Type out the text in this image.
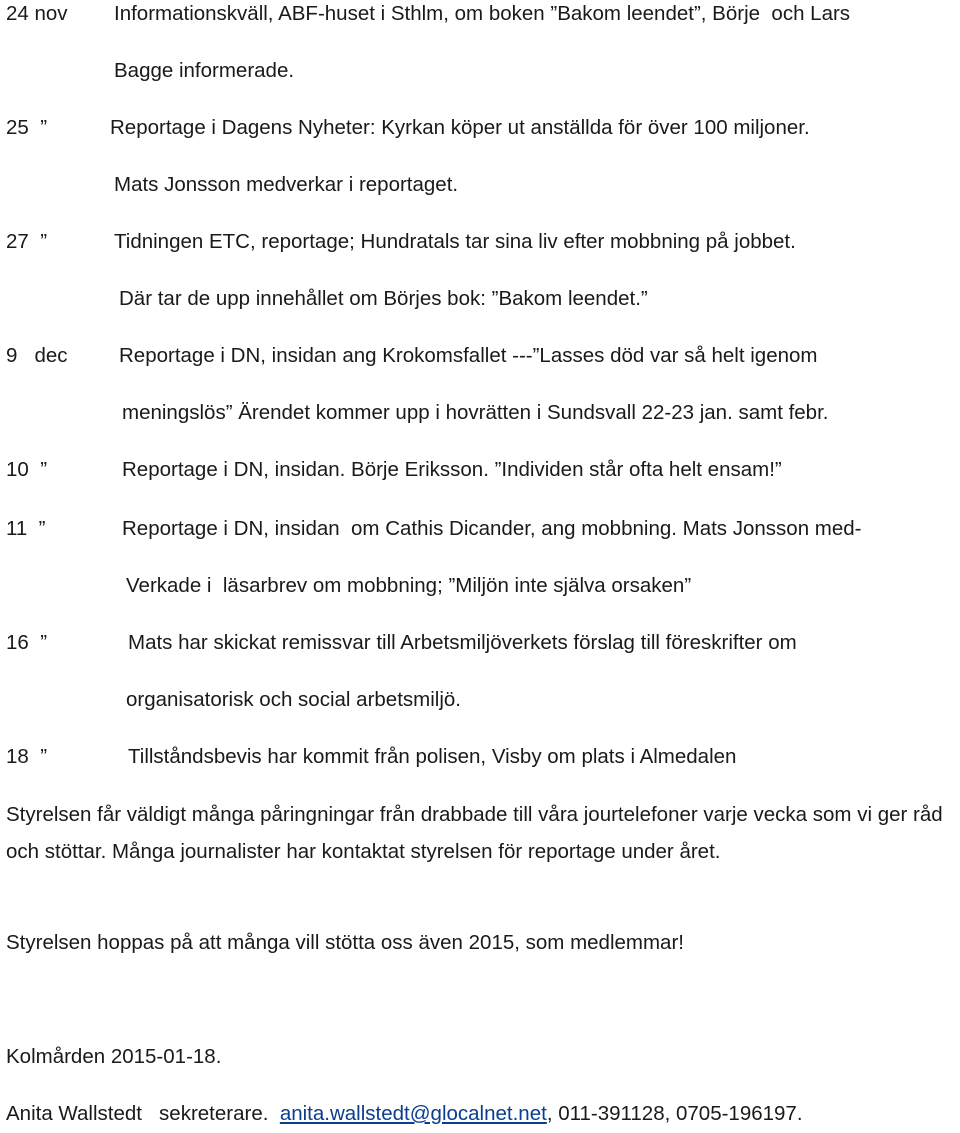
24 nov Informationskväll, ABF-huset i Sthlm, om boken ”Bakom leendet”, Börje  och Lars
Bagge informerade.
25  ”	Reportage i Dagens Nyheter: Kyrkan köper ut anställda för över 100 miljoner.
Mats Jonsson medverkar i reportaget.
27  ”	Tidningen ETC, reportage; Hundratals tar sina liv efter mobbning på jobbet.
Där tar de upp innehållet om Börjes bok: ”Bakom leendet.”
9   dec	Reportage i DN, insidan ang Krokomsfallet ---”Lasses död var så helt igenom
meningslös” Ärendet kommer upp i hovrätten i Sundsvall 22-23 jan. samt febr.
10  ”	Reportage i DN, insidan. Börje Eriksson. ”Individen står ofta helt ensam!”
11  ”	Reportage i DN, insidan  om Cathis Dicander, ang mobbning. Mats Jonsson med-
Verkade i  läsarbrev om mobbning; ”Miljön inte själva orsaken”
16  ”	Mats har skickat remissvar till Arbetsmiljöverkets förslag till föreskrifter om
organisatorisk och social arbetsmiljö.
18  ”	Tillståndsbevis har kommit från polisen, Visby om plats i Almedalen
Styrelsen får väldigt många påringningar från drabbade till våra jourtelefoner varje vecka som vi ger råd och stöttar. Många journalister har kontaktat styrelsen för reportage under året.
Styrelsen hoppas på att många vill stötta oss även 2015, som medlemmar!
Kolmården 2015-01-18.
Anita Wallstedt   sekreterare.  anita.wallstedt@glocalnet.net, 011-391128, 0705-196197.
